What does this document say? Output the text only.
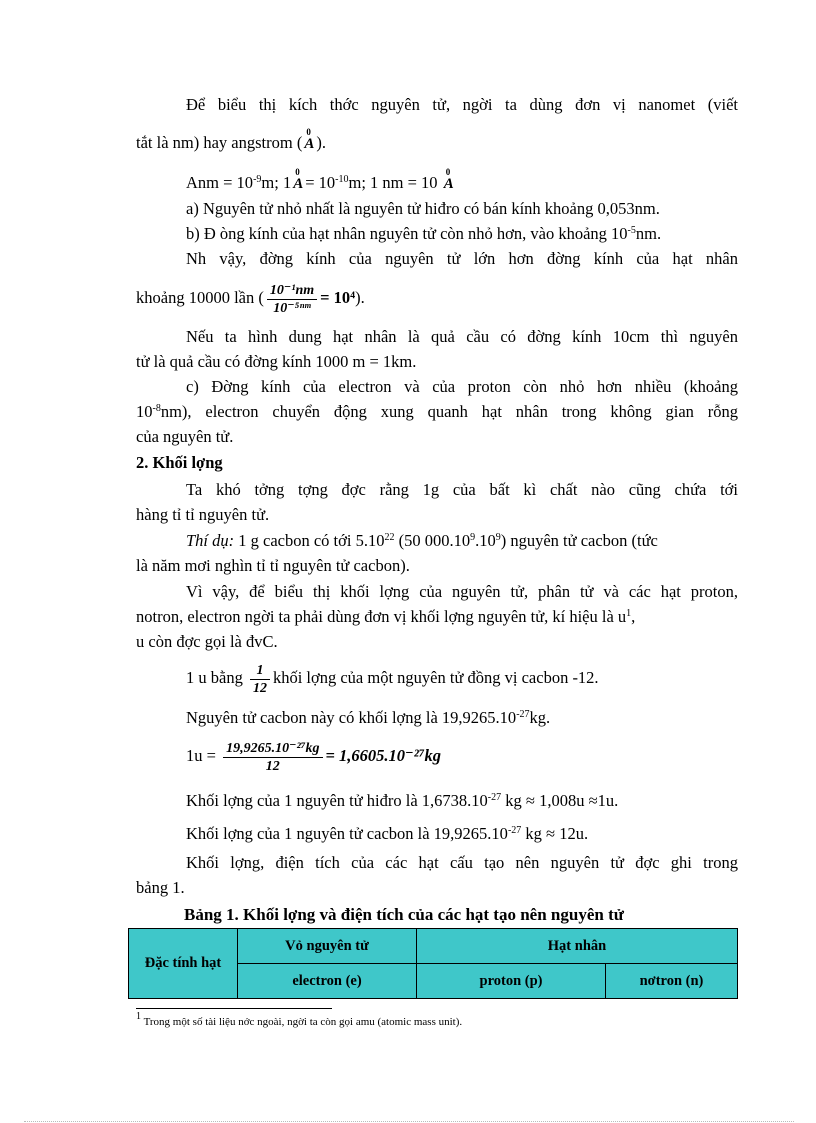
Để biểu thị kích thớc nguyên tử, ngời ta dùng đơn vị nanomet (viết
tắt là nm) hay angstrom (
0
A ).
Anm = $10^{-9}m$; 1
0
$A = 10^{-10}m$; 1 nm = 10
0
A
a) Nguyên tử nhỏ nhất là nguyên tử hiđro có bán kính khoảng 0,053nm.
b) Đ òng kính của hạt nhân nguyên tử còn nhỏ hơn, vào khoảng $10^{-5}nm$.
Nh vậy, đờng kính của nguyên tử lớn hơn đờng kính của hạt nhân
khoảng 10000 lần ( $\frac{\text{10⁻¹nm}}{\text{10⁻⁵ⁿᵐ}} = 10^4$).
Nếu ta hình dung hạt nhân là quả cầu có đờng kính 10cm thì nguyên
tử là quả cầu có đờng kính 1000 m = 1km.
c) Đờng kính của electron và của proton còn nhỏ hơn nhiều (khoảng
$10^{-8}nm$), electron chuyển động xung quanh hạt nhân trong không gian rỗng
của nguyên tử.
2. Khối lợng
Ta khó tởng tợng đợc rằng 1g của bất kì chất nào cũng chứa tới
hàng tỉ tỉ nguyên tử.
Thí dụ: 1 g cacbon có tới 5.10$^{22}$ (50 $000.10^9.10^9$) nguyên tử cacbon (tức
là năm mơi nghìn tỉ tỉ nguyên tử cacbon).
Vì vậy, để biểu thị khối lợng của nguyên tử, phân tử và các hạt proton,
notron, electron ngời ta phải dùng đơn vị khối lợng nguyên tử, kí hiệu là $u^1$,
u còn đợc gọi là đvC.
1 u bằng $\frac{1}{12}$ khối lợng của một nguyên tử đồng vị cacbon -12.
Nguyên tử cacbon này có khối lợng là $19,9265.10^{-27}kg$.
$1u = \frac{\text{19,9265.10⁻²⁷kg}}{12} = 1,6605.10^{-27}kg$
Khối lợng của 1 nguyên tử hiđro là $1,6738.10^{-27}$ kg ≈ 1,008u ≈1u.
Khối lợng của 1 nguyên tử cacbon là $19,9265.10^{-27}$ kg ≈ 12u.
Khối lợng, điện tích của các hạt cấu tạo nên nguyên tử đợc ghi trong
bảng 1.
Bảng 1. Khối lợng và điện tích của các hạt tạo nên nguyên tử
Đặc tính hạt	Vỏ nguyên tử	Hạt nhân	
	electron (e)	proton (p)	nơtron (n)
$^1$ Trong một số tài liệu nớc ngoài, ngời ta còn gọi amu (atomic mass unit).
